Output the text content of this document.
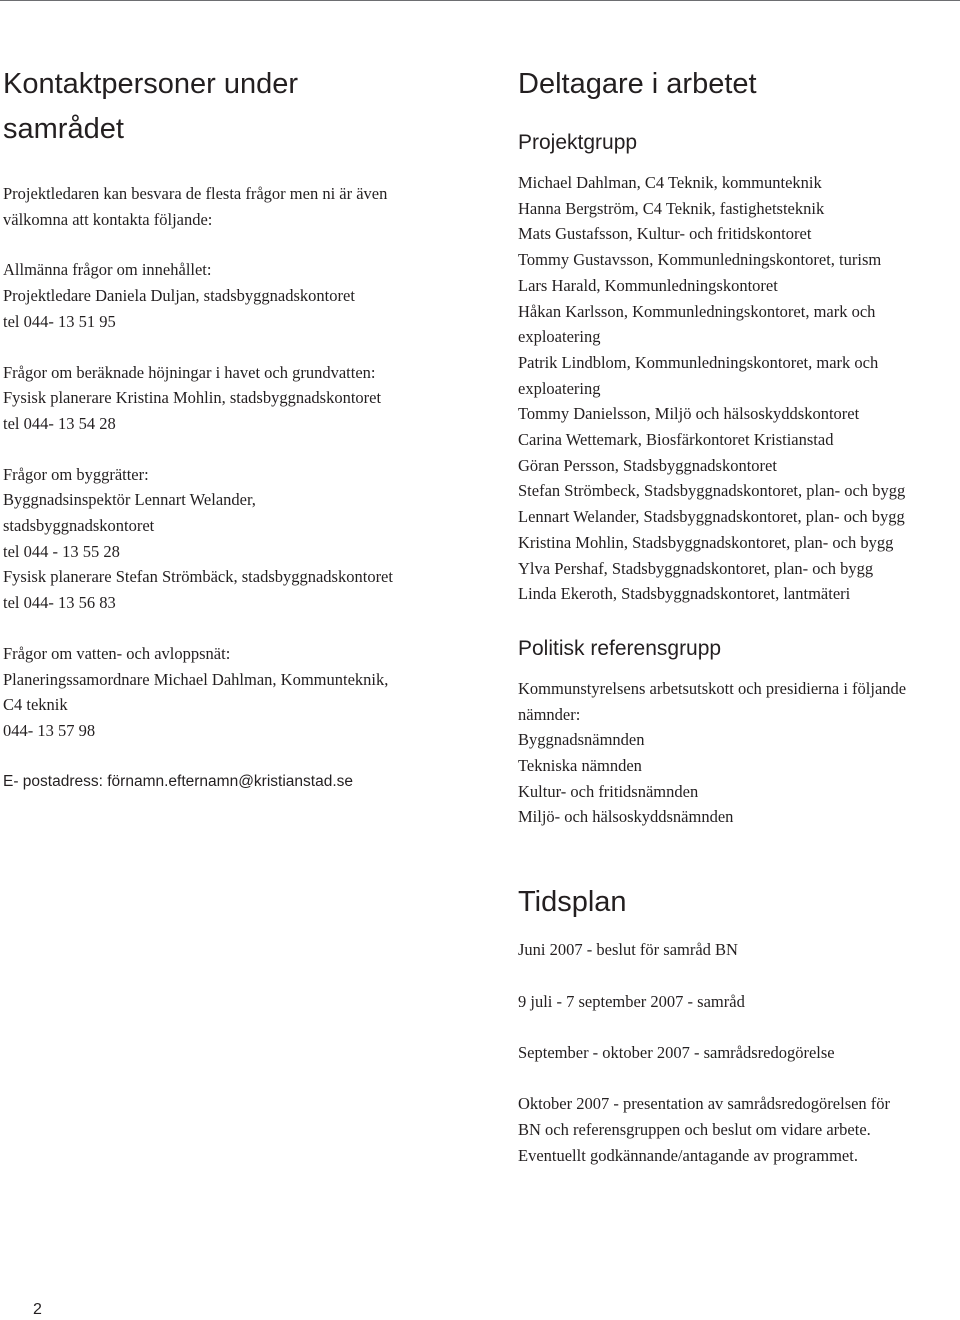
Kontaktpersoner under
samrådet

Projektledaren kan besvara de flesta frågor men ni är även
välkomna att kontakta följande:

Allmänna frågor om innehållet:
Projektledare Daniela Duljan, stadsbyggnadskontoret
tel 044- 13 51 95

Frågor om beräknade höjningar i havet och grundvatten:
Fysisk planerare Kristina Mohlin, stadsbyggnadskontoret
tel 044- 13 54 28

Frågor om byggrätter:
Byggnadsinspektör Lennart Welander,
stadsbyggnadskontoret
tel 044 - 13 55 28
Fysisk planerare Stefan Strömbäck, stadsbyggnadskontoret
tel 044- 13 56 83

Frågor om vatten- och avloppsnät:
Planeringssamordnare Michael Dahlman, Kommunteknik,
C4 teknik
044- 13 57 98

E- postadress: förnamn.efternamn@kristianstad.se

Deltagare i arbetet
Projektgrupp

Michael Dahlman, C4 Teknik, kommunteknik
Hanna Bergström, C4 Teknik, fastighetsteknik
Mats Gustafsson, Kultur- och fritidskontoret
Tommy Gustavsson, Kommunledningskontoret, turism
Lars Harald, Kommunledningskontoret
Håkan Karlsson, Kommunledningskontoret, mark och
exploatering
Patrik Lindblom, Kommunledningskontoret, mark och
exploatering
Tommy Danielsson, Miljö och hälsoskyddskontoret
Carina Wettemark, Biosfärkontoret Kristianstad
Göran Persson, Stadsbyggnadskontoret
Stefan Strömbeck, Stadsbyggnadskontoret, plan- och bygg
Lennart Welander, Stadsbyggnadskontoret, plan- och bygg
Kristina Mohlin, Stadsbyggnadskontoret, plan- och bygg
Ylva Pershaf, Stadsbyggnadskontoret, plan- och bygg
Linda Ekeroth, Stadsbyggnadskontoret, lantmäteri

Politisk referensgrupp

Kommunstyrelsens arbetsutskott och presidierna i följande
nämnder:
Byggnadsnämnden
Tekniska nämnden
Kultur- och fritidsnämnden
Miljö- och hälsoskyddsnämnden

Tidsplan

Juni 2007 - beslut för samråd BN

9 juli - 7 september 2007 - samråd

September - oktober 2007 - samrådsredogörelse

Oktober 2007 - presentation av samrådsredogörelsen för
BN och referensgruppen och beslut om vidare arbete.
Eventuellt godkännande/antagande av programmet.

2
